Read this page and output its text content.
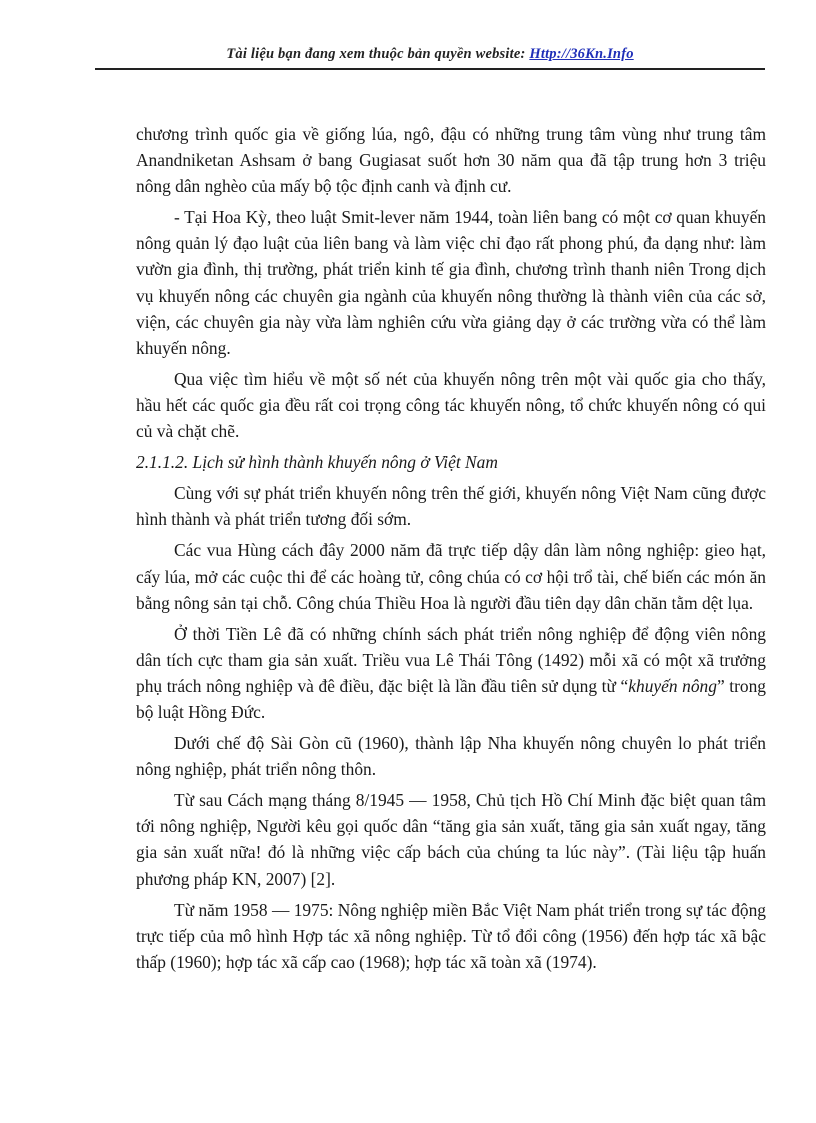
Tài liệu bạn đang xem thuộc bản quyền website: Http://36Kn.Info

chương trình quốc gia về giống lúa, ngô, đậu có những trung tâm vùng như trung tâm Anandniketan Ashsam ở bang Gugiasat suốt hơn 30 năm qua đã tập trung hơn 3 triệu nông dân nghèo của mấy bộ tộc định canh và định cư.

- Tại Hoa Kỳ, theo luật Smit-lever năm 1944, toàn liên bang có một cơ quan khuyến nông quản lý đạo luật của liên bang và làm việc chỉ đạo rất phong phú, đa dạng như: làm vườn gia đình, thị trường, phát triển kinh tế gia đình, chương trình thanh niên Trong dịch vụ khuyến nông các chuyên gia ngành của khuyến nông thường là thành viên của các sở, viện, các chuyên gia này vừa làm nghiên cứu vừa giảng dạy ở các trường vừa có thể làm khuyến nông.

Qua việc tìm hiểu về một số nét của khuyến nông trên một vài quốc gia cho thấy, hầu hết các quốc gia đều rất coi trọng công tác khuyến nông, tổ chức khuyến nông có qui củ và chặt chẽ.

2.1.1.2. Lịch sử hình thành khuyến nông ở Việt Nam

Cùng với sự phát triển khuyến nông trên thế giới, khuyến nông Việt Nam cũng được hình thành và phát triển tương đối sớm.

Các vua Hùng cách đây 2000 năm đã trực tiếp dậy dân làm nông nghiệp: gieo hạt, cấy lúa, mở các cuộc thi để các hoàng tử, công chúa có cơ hội trổ tài, chế biến các món ăn bằng nông sản tại chỗ. Công chúa Thiều Hoa là người đầu tiên dạy dân chăn tằm dệt lụa.

Ở thời Tiền Lê đã có những chính sách phát triển nông nghiệp để động viên nông dân tích cực tham gia sản xuất. Triều vua Lê Thái Tông (1492) mỗi xã có một xã trưởng phụ trách nông nghiệp và đê điều, đặc biệt là lần đầu tiên sử dụng từ “khuyến nông” trong bộ luật Hồng Đức.

Dưới chế độ Sài Gòn cũ (1960), thành lập Nha khuyến nông chuyên lo phát triển nông nghiệp, phát triển nông thôn.

Từ sau Cách mạng tháng 8/1945 — 1958, Chủ tịch Hồ Chí Minh đặc biệt quan tâm tới nông nghiệp, Người kêu gọi quốc dân “tăng gia sản xuất, tăng gia sản xuất ngay, tăng gia sản xuất nữa! đó là những việc cấp bách của chúng ta lúc này”. (Tài liệu tập huấn phương pháp KN, 2007) [2].

Từ năm 1958 — 1975: Nông nghiệp miền Bắc Việt Nam phát triển trong sự tác động trực tiếp của mô hình Hợp tác xã nông nghiệp. Từ tổ đổi công (1956) đến hợp tác xã bậc thấp (1960); hợp tác xã cấp cao (1968); hợp tác xã toàn xã (1974).
